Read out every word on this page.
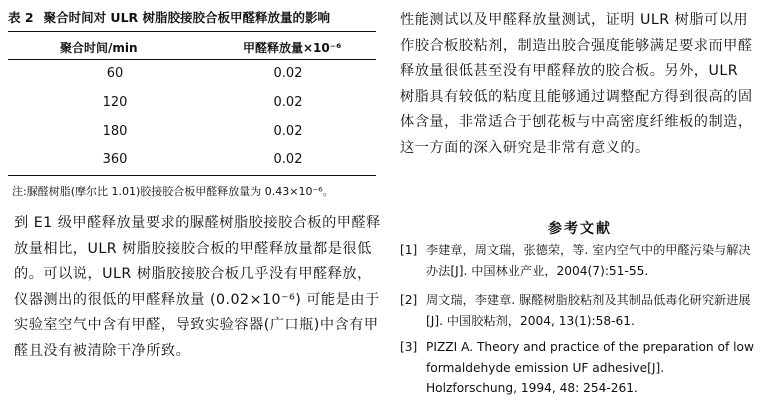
表 2 聚合时间对 ULR 树脂胶接胶合板甲醛释放量的影响
聚合时间/min	甲醛释放量×10⁻⁶
60	0.02
120	0.02
180	0.02
360	0.02
注:脲醛树脂(摩尔比 1.01)胶接胶合板甲醛释放量为 0.43×10⁻⁶。
到 E1 级甲醛释放量要求的脲醛树脂胶接胶合板的甲醛释放量相比，ULR 树脂胶接胶合板的甲醛释放量都是很低的。可以说，ULR 树脂胶接胶合板几乎没有甲醛释放，仪器测出的很低的甲醛释放量 (0.02×10⁻⁶) 可能是由于实验室空气中含有甲醛，导致实验容器(广口瓶)中含有甲醛且没有被清除干净所致。
性能测试以及甲醛释放量测试，证明 ULR 树脂可以用作胶合板胶粘剂，制造出胶合强度能够满足要求而甲醛释放量很低甚至没有甲醛释放的胶合板。另外，ULR 树脂具有较低的粘度且能够通过调整配方得到很高的固体含量，非常适合于刨花板与中高密度纤维板的制造，这一方面的深入研究是非常有意义的。
参考文献
[1] 李建章，周文瑞，张德荣，等. 室内空气中的甲醛污染与解决办法[J]. 中国林业产业，2004(7):51-55.
[2] 周文瑞，李建章. 脲醛树脂胶粘剂及其制品低毒化研究新进展[J]. 中国胶粘剂，2004, 13(1):58-61.
[3] PIZZI A. Theory and practice of the preparation of low formaldehyde emission UF adhesive[J]. Holzforschung, 1994, 48: 254-261.
